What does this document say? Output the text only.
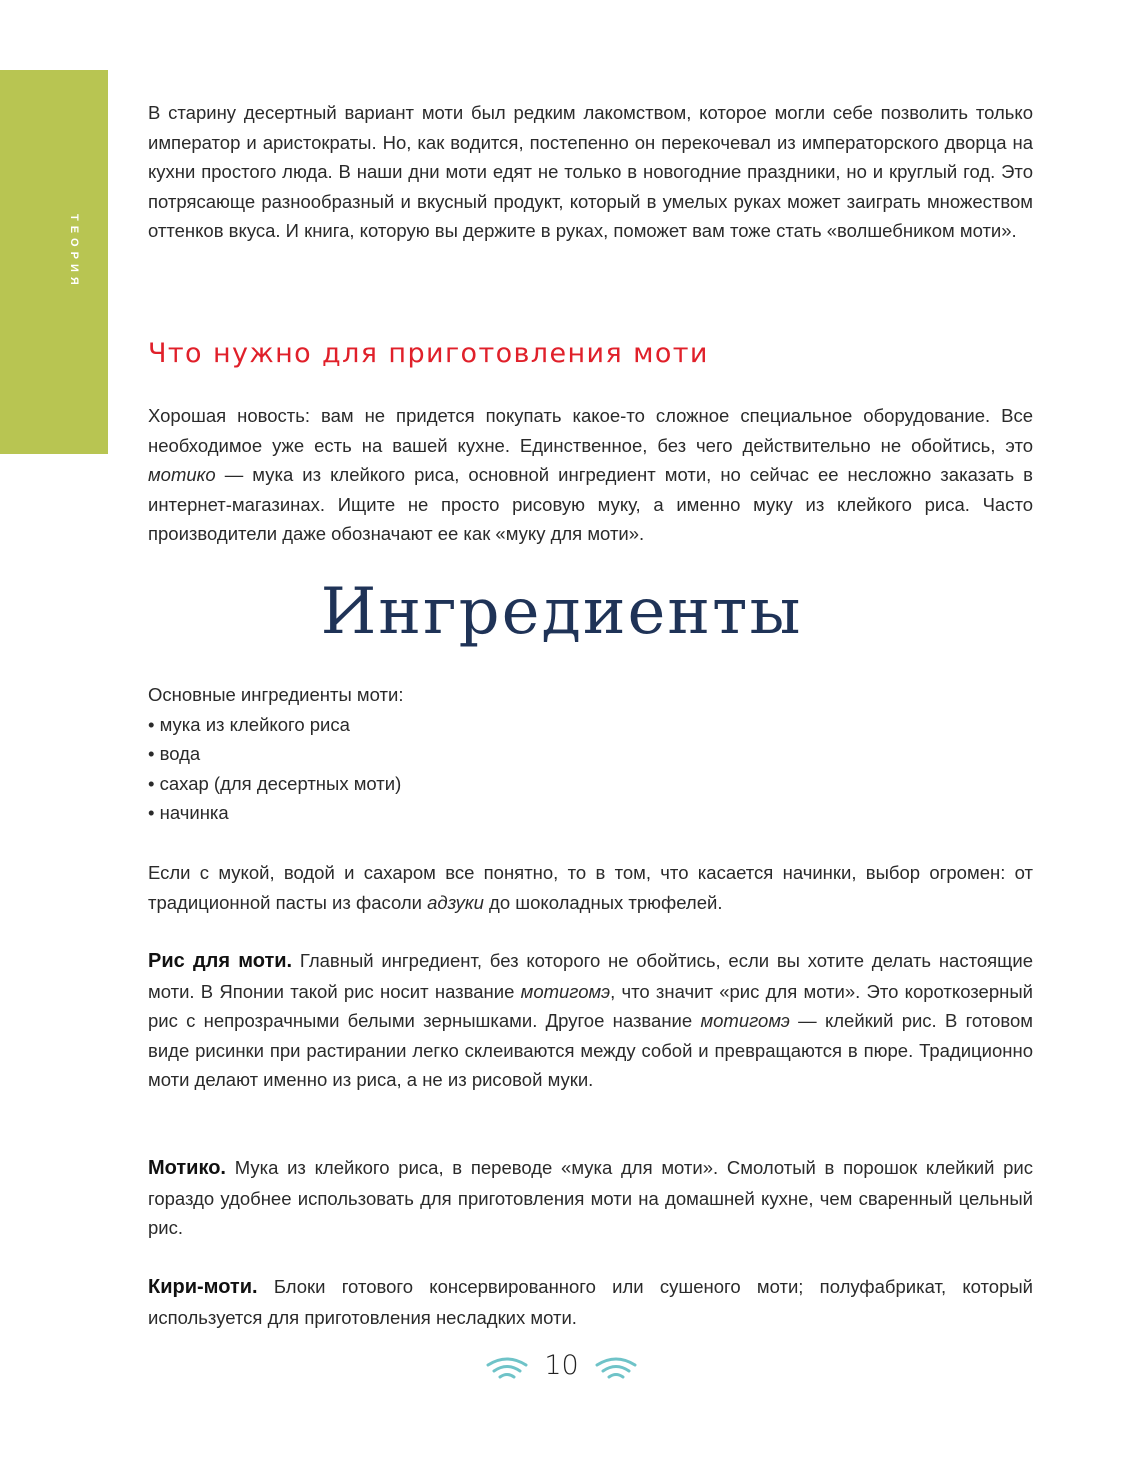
ТЕОРИЯ

В старину десертный вариант моти был редким лакомством, которое могли себе позволить только император и аристократы. Но, как водится, постепенно он перекочевал из императорского дворца на кухни простого люда. В наши дни моти едят не только в новогодние праздники, но и круглый год. Это потрясающе разнообразный и вкусный продукт, который в умелых руках может заиграть множеством оттенков вкуса. И книга, которую вы держите в руках, поможет вам тоже стать «волшебником моти».

Что нужно для приготовления моти

Хорошая новость: вам не придется покупать какое-то сложное специальное оборудование. Все необходимое уже есть на вашей кухне. Единственное, без чего действительно не обойтись, это мотико — мука из клейкого риса, основной ингредиент моти, но сейчас ее несложно заказать в интернет-магазинах. Ищите не просто рисовую муку, а именно муку из клейкого риса. Часто производители даже обозначают ее как «муку для моти».

Ингредиенты
Основные ингредиенты моти:
• мука из клейкого риса
• вода
• сахар (для десертных моти)
• начинка

Если с мукой, водой и сахаром все понятно, то в том, что касается начинки, выбор огромен: от традиционной пасты из фасоли адзуки до шоколадных трюфелей.

Рис для моти. Главный ингредиент, без которого не обойтись, если вы хотите делать настоящие моти. В Японии такой рис носит название мотигомэ, что значит «рис для моти». Это короткозерный рис с непрозрачными белыми зернышками. Другое название мотигомэ — клейкий рис. В готовом виде рисинки при растирании легко склеиваются между собой и превращаются в пюре. Традиционно моти делают именно из риса, а не из рисовой муки.

Мотико. Мука из клейкого риса, в переводе «мука для моти». Смолотый в порошок клейкий рис гораздо удобнее использовать для приготовления моти на домашней кухне, чем сваренный цельный рис.

Кири-моти. Блоки готового консервированного или сушеного моти; полуфабрикат, который используется для приготовления несладких моти.

10
